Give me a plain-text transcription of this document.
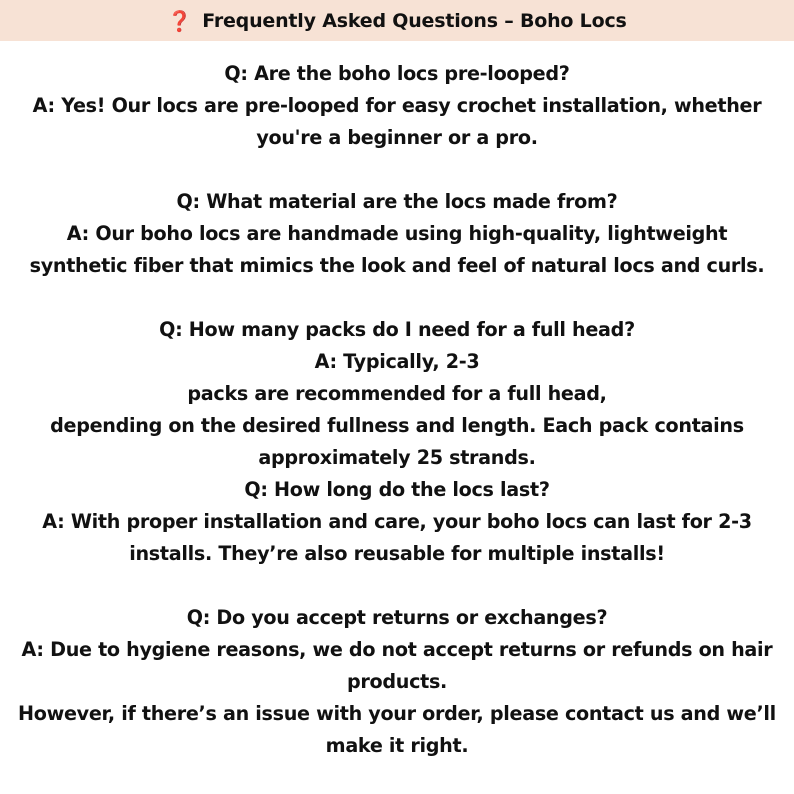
❓ Frequently Asked Questions – Boho Locs
Q: Are the boho locs pre-looped?
A: Yes! Our locs are pre-looped for easy crochet installation, whether
you're a beginner or a pro.
Q: What material are the locs made from?
A: Our boho locs are handmade using high-quality, lightweight
synthetic fiber that mimics the look and feel of natural locs and curls.
Q: How many packs do I need for a full head?
A: Typically, 2-3
packs are recommended for a full head,
depending on the desired fullness and length. Each pack contains
approximately 25 strands.
Q: How long do the locs last?
A: With proper installation and care, your boho locs can last for 2-3
installs. They’re also reusable for multiple installs!
Q: Do you accept returns or exchanges?
A: Due to hygiene reasons, we do not accept returns or refunds on hair
products.
However, if there’s an issue with your order, please contact us and we’ll
make it right.
